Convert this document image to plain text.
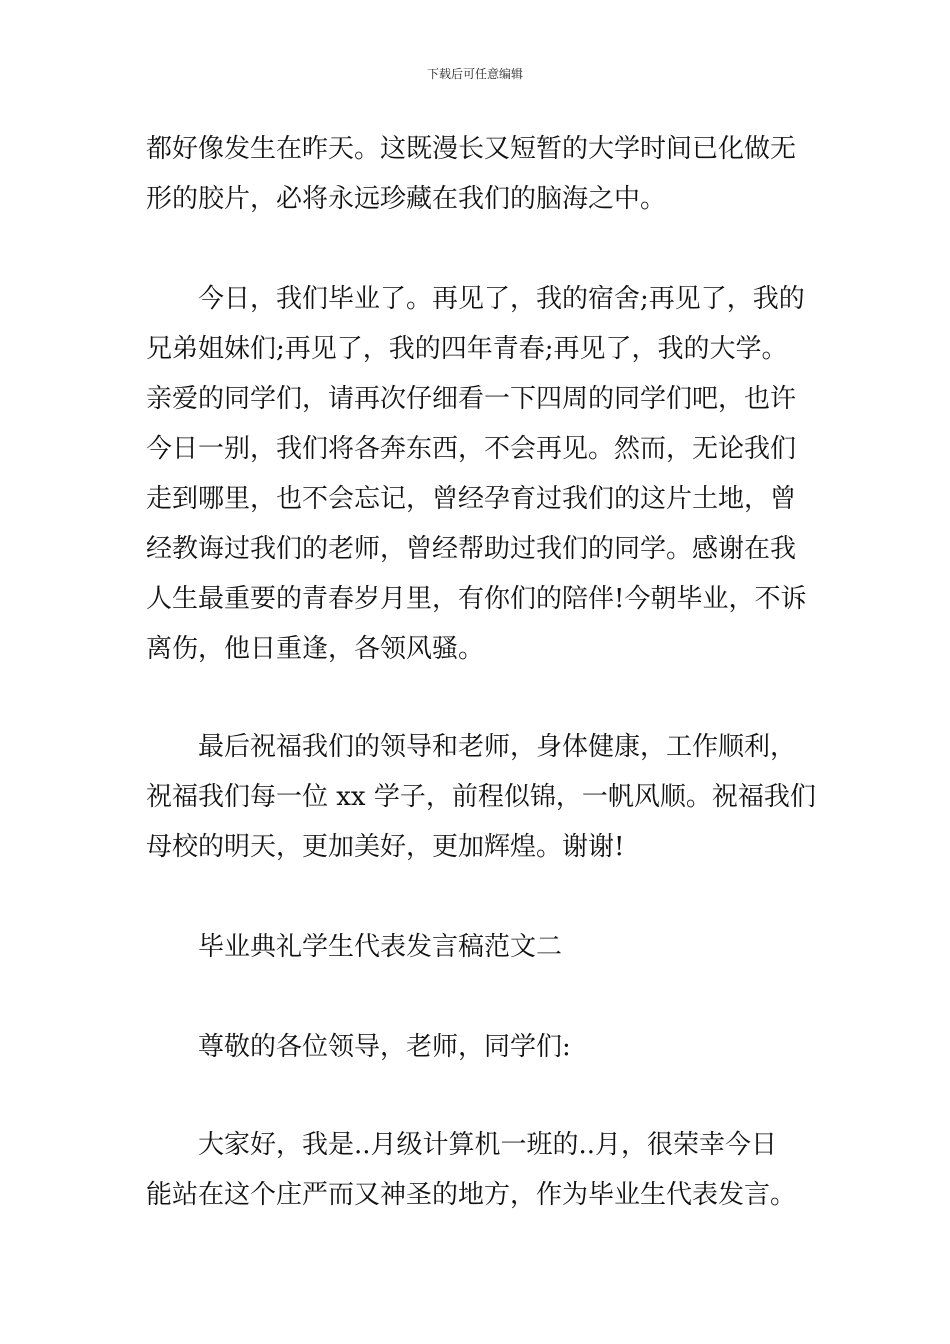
下载后可任意编辑
都好像发生在昨天。这既漫长又短暂的大学时间已化做无
形的胶片，必将永远珍藏在我们的脑海之中。
今日，我们毕业了。再见了，我的宿舍;再见了，我的
兄弟姐妹们;再见了，我的四年青春;再见了，我的大学。
亲爱的同学们，请再次仔细看一下四周的同学们吧，也许
今日一别，我们将各奔东西，不会再见。然而，无论我们
走到哪里，也不会忘记，曾经孕育过我们的这片土地，曾
经教诲过我们的老师，曾经帮助过我们的同学。感谢在我
人生最重要的青春岁月里，有你们的陪伴!今朝毕业，不诉
离伤，他日重逢，各领风骚。
最后祝福我们的领导和老师，身体健康，工作顺利，
祝福我们每一位 xx 学子，前程似锦，一帆风顺。祝福我们
母校的明天，更加美好，更加辉煌。谢谢!
毕业典礼学生代表发言稿范文二
尊敬的各位领导，老师，同学们:
大家好，我是..月级计算机一班的..月，很荣幸今日
能站在这个庄严而又神圣的地方，作为毕业生代表发言。
